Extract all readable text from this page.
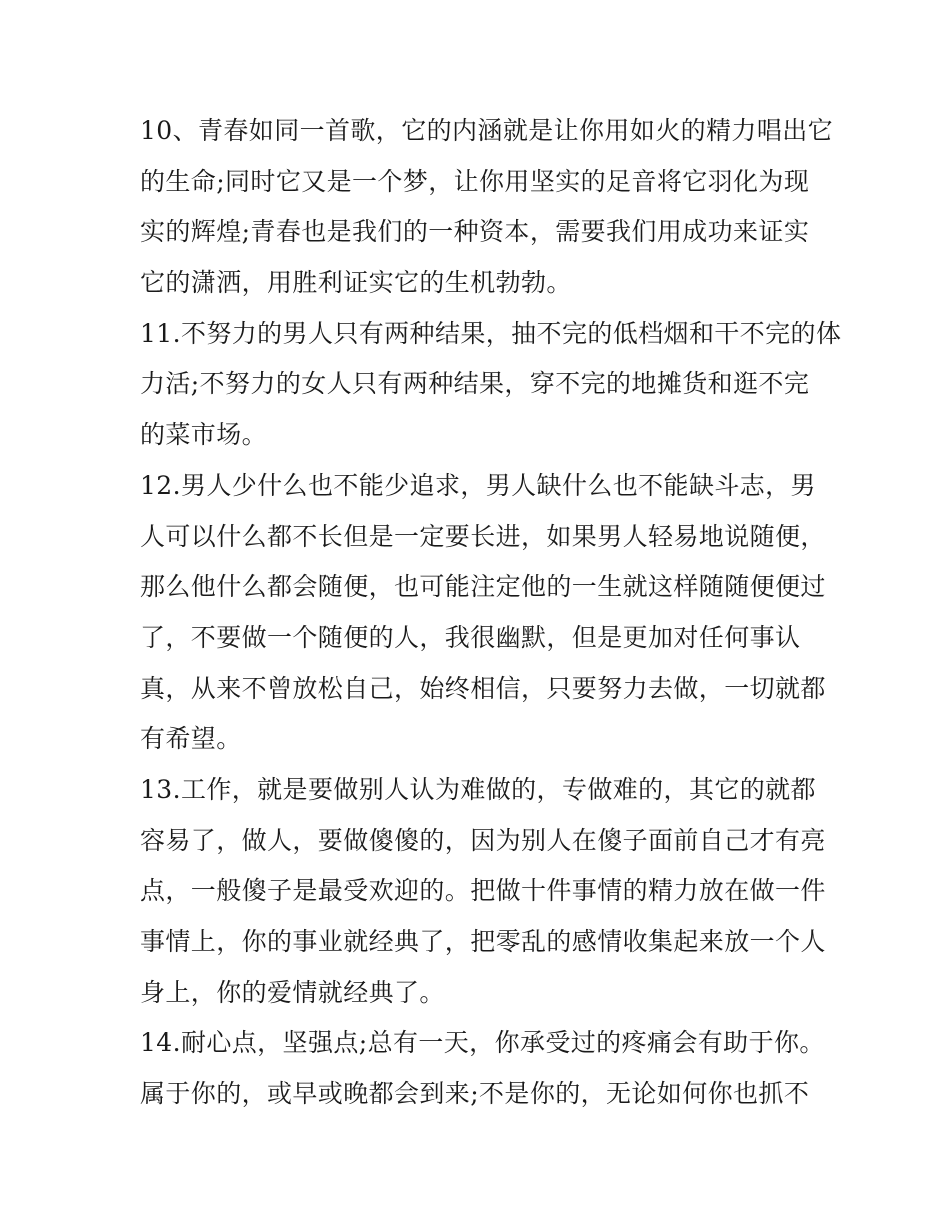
10、青春如同一首歌，它的内涵就是让你用如火的精力唱出它
的生命;同时它又是一个梦，让你用坚实的足音将它羽化为现
实的辉煌;青春也是我们的一种资本，需要我们用成功来证实
它的潇洒，用胜利证实它的生机勃勃。
11.不努力的男人只有两种结果，抽不完的低档烟和干不完的体
力活;不努力的女人只有两种结果，穿不完的地摊货和逛不完
的菜市场。
12.男人少什么也不能少追求，男人缺什么也不能缺斗志，男
人可以什么都不长但是一定要长进，如果男人轻易地说随便，
那么他什么都会随便，也可能注定他的一生就这样随随便便过
了，不要做一个随便的人，我很幽默，但是更加对任何事认
真，从来不曾放松自己，始终相信，只要努力去做，一切就都
有希望。
13.工作，就是要做别人认为难做的，专做难的，其它的就都
容易了，做人，要做傻傻的，因为别人在傻子面前自己才有亮
点，一般傻子是最受欢迎的。把做十件事情的精力放在做一件
事情上，你的事业就经典了，把零乱的感情收集起来放一个人
身上，你的爱情就经典了。
14.耐心点，坚强点;总有一天，你承受过的疼痛会有助于你。
属于你的，或早或晚都会到来;不是你的，无论如何你也抓不
